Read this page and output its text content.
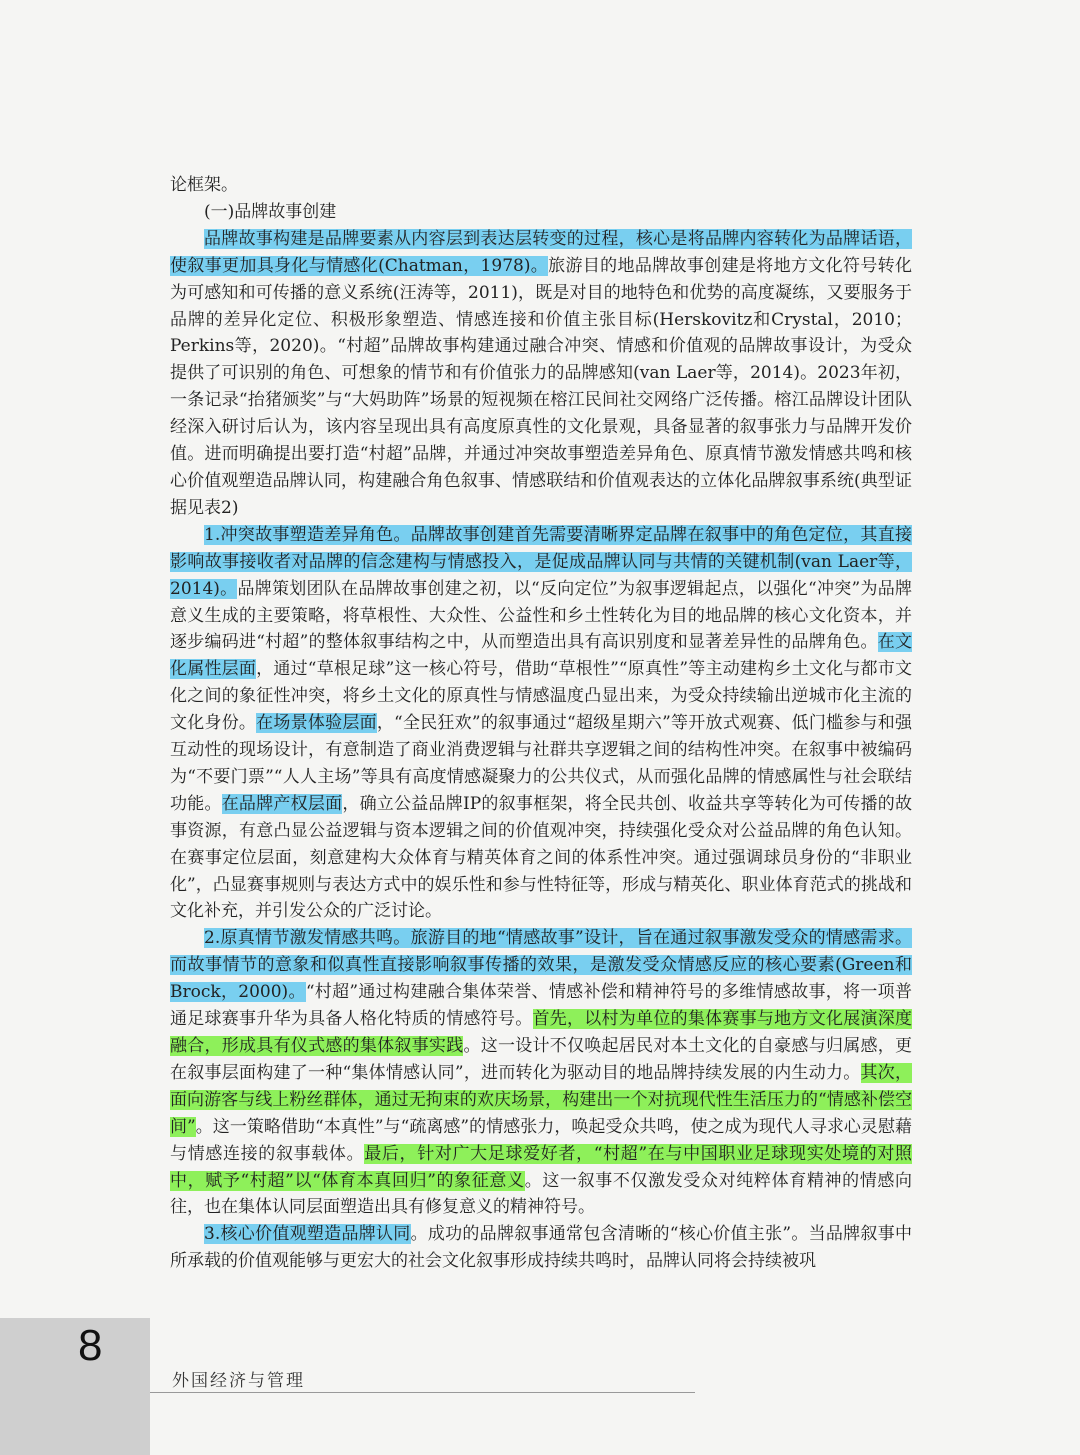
论框架。

(一)品牌故事创建

品牌故事构建是品牌要素从内容层到表达层转变的过程，核心是将品牌内容转化为品牌话语，使叙事更加具身化与情感化(Chatman，1978)。旅游目的地品牌故事创建是将地方文化符号转化为可感知和可传播的意义系统(汪涛等，2011)，既是对目的地特色和优势的高度凝练，又要服务于品牌的差异化定位、积极形象塑造、情感连接和价值主张目标(Herskovitz和Crystal，2010；Perkins等，2020)。“村超”品牌故事构建通过融合冲突、情感和价值观的品牌故事设计，为受众提供了可识别的角色、可想象的情节和有价值张力的品牌感知(van Laer等，2014)。2023年初，一条记录“抬猪颁奖”与“大妈助阵”场景的短视频在榕江民间社交网络广泛传播。榕江品牌设计团队经深入研讨后认为，该内容呈现出具有高度原真性的文化景观，具备显著的叙事张力与品牌开发价值。进而明确提出要打造“村超”品牌，并通过冲突故事塑造差异角色、原真情节激发情感共鸣和核心价值观塑造品牌认同，构建融合角色叙事、情感联结和价值观表达的立体化品牌叙事系统(典型证据见表2)

1.冲突故事塑造差异角色。品牌故事创建首先需要清晰界定品牌在叙事中的角色定位，其直接影响故事接收者对品牌的信念建构与情感投入，是促成品牌认同与共情的关键机制(van Laer等，2014)。品牌策划团队在品牌故事创建之初，以“反向定位”为叙事逻辑起点，以强化“冲突”为品牌意义生成的主要策略，将草根性、大众性、公益性和乡土性转化为目的地品牌的核心文化资本，并逐步编码进“村超”的整体叙事结构之中，从而塑造出具有高识别度和显著差异性的品牌角色。在文化属性层面，通过“草根足球”这一核心符号，借助“草根性”“原真性”等主动建构乡土文化与都市文化之间的象征性冲突，将乡土文化的原真性与情感温度凸显出来，为受众持续输出逆城市化主流的文化身份。在场景体验层面，“全民狂欢”的叙事通过“超级星期六”等开放式观赛、低门槛参与和强互动性的现场设计，有意制造了商业消费逻辑与社群共享逻辑之间的结构性冲突。在叙事中被编码为“不要门票”“人人主场”等具有高度情感凝聚力的公共仪式，从而强化品牌的情感属性与社会联结功能。在品牌产权层面，确立公益品牌IP的叙事框架，将全民共创、收益共享等转化为可传播的故事资源，有意凸显公益逻辑与资本逻辑之间的价值观冲突，持续强化受众对公益品牌的角色认知。在赛事定位层面，刻意建构大众体育与精英体育之间的体系性冲突。通过强调球员身份的“非职业化”，凸显赛事规则与表达方式中的娱乐性和参与性特征等，形成与精英化、职业体育范式的挑战和文化补充，并引发公众的广泛讨论。

2.原真情节激发情感共鸣。旅游目的地“情感故事”设计，旨在通过叙事激发受众的情感需求。而故事情节的意象和似真性直接影响叙事传播的效果，是激发受众情感反应的核心要素(Green和Brock，2000)。“村超”通过构建融合集体荣誉、情感补偿和精神符号的多维情感故事，将一项普通足球赛事升华为具备人格化特质的情感符号。首先，以村为单位的集体赛事与地方文化展演深度融合，形成具有仪式感的集体叙事实践。这一设计不仅唤起居民对本土文化的自豪感与归属感，更在叙事层面构建了一种“集体情感认同”，进而转化为驱动目的地品牌持续发展的内生动力。其次，面向游客与线上粉丝群体，通过无拘束的欢庆场景，构建出一个对抗现代性生活压力的“情感补偿空间”。这一策略借助“本真性”与“疏离感”的情感张力，唤起受众共鸣，使之成为现代人寻求心灵慰藉与情感连接的叙事载体。最后，针对广大足球爱好者，“村超”在与中国职业足球现实处境的对照中，赋予“村超”以“体育本真回归”的象征意义。这一叙事不仅激发受众对纯粹体育精神的情感向往，也在集体认同层面塑造出具有修复意义的精神符号。

3.核心价值观塑造品牌认同。成功的品牌叙事通常包含清晰的“核心价值主张”。当品牌叙事中所承载的价值观能够与更宏大的社会文化叙事形成持续共鸣时，品牌认同将会持续被巩

8
外国经济与管理
